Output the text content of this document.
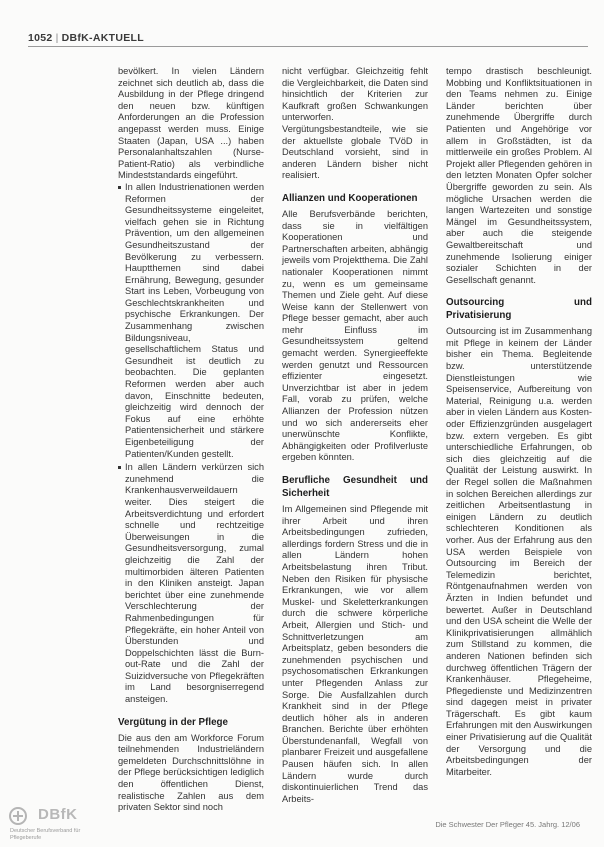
1052 | DBfK-AKTUELL

bevölkert. In vielen Ländern zeichnet sich deutlich ab, dass die Ausbildung in der Pflege dringend den neuen bzw. künftigen Anforderungen an die Profession angepasst werden muss. Einige Staaten (Japan, USA ...) haben Personalanhaltszahlen (Nurse-Patient-Ratio) als verbindliche Mindeststandards eingeführt.

In allen Industrienationen werden Reformen der Gesundheitssysteme eingeleitet, vielfach gehen sie in Richtung Prävention, um den allgemeinen Gesundheitszustand der Bevölkerung zu verbessern. Hauptthemen sind dabei Ernährung, Bewegung, gesunder Start ins Leben, Vorbeugung von Geschlechtskrankheiten und psychische Erkrankungen. Der Zusammenhang zwischen Bildungsniveau, gesellschaftlichem Status und Gesundheit ist deutlich zu beobachten. Die geplanten Reformen werden aber auch davon, Einschnitte bedeuten, gleichzeitig wird dennoch der Fokus auf eine erhöhte Patientensicherheit und stärkere Eigenbeteiligung der Patienten/Kunden gestellt.
In allen Ländern verkürzen sich zunehmend die Krankenhausverweildauern weiter. Dies steigert die Arbeitsverdichtung und erfordert schnelle und rechtzeitige Überweisungen in die Gesundheitsversorgung, zumal gleichzeitig die Zahl der multimorbiden älteren Patienten in den Kliniken ansteigt. Japan berichtet über eine zunehmende Verschlechterung der Rahmenbedingungen für Pflegekräfte, ein hoher Anteil von Überstunden und Doppelschichten lässt die Burn-out-Rate und die Zahl der Suizidversuche von Pflegekräften im Land besorgniserregend ansteigen.
Vergütung in der Pflege

Die aus den am Workforce Forum teilnehmenden Industrieländern gemeldeten Durchschnittslöhne in der Pflege berücksichtigen lediglich den öffentlichen Dienst, realistische Zahlen aus dem privaten Sektor sind noch

nicht verfügbar. Gleichzeitig fehlt die Vergleichbarkeit, die Daten sind hinsichtlich der Kriterien zur Kaufkraft großen Schwankungen unterworfen. Vergütungsbestandteile, wie sie der aktuellste globale TVöD in Deutschland vorsieht, sind in anderen Ländern bisher nicht realisiert.

Allianzen und Kooperationen

Alle Berufsverbände berichten, dass sie in vielfältigen Kooperationen und Partnerschaften arbeiten, abhängig jeweils vom Projektthema. Die Zahl nationaler Kooperationen nimmt zu, wenn es um gemeinsame Themen und Ziele geht. Auf diese Weise kann der Stellenwert von Pflege besser gemacht, aber auch mehr Einfluss im Gesundheitssystem geltend gemacht werden. Synergieeffekte werden genutzt und Ressourcen effizienter eingesetzt. Unverzichtbar ist aber in jedem Fall, vorab zu prüfen, welche Allianzen der Profession nützen und wo sich andererseits eher unerwünschte Konflikte, Abhängigkeiten oder Profilverluste ergeben könnten.

Berufliche Gesundheit und Sicherheit

Im Allgemeinen sind Pflegende mit ihrer Arbeit und ihren Arbeitsbedingungen zufrieden, allerdings fordern Stress und die in allen Ländern hohen Arbeitsbelastung ihren Tribut. Neben den Risiken für physische Erkrankungen, wie vor allem Muskel- und Skeletterkrankungen durch die schwere körperliche Arbeit, Allergien und Stich- und Schnittverletzungen am Arbeitsplatz, geben besonders die zunehmenden psychischen und psychosomatischen Erkrankungen unter Pflegenden Anlass zur Sorge. Die Ausfallzahlen durch Krankheit sind in der Pflege deutlich höher als in anderen Branchen. Berichte über erhöhten Überstundenanfall, Wegfall von planbarer Freizeit und ausgefallene Pausen häufen sich. In allen Ländern wurde durch diskontinuierlichen Trend das Arbeits-

tempo drastisch beschleunigt. Mobbing und Konfliktsituationen in den Teams nehmen zu. Einige Länder berichten über zunehmende Übergriffe durch Patienten und Angehörige vor allem in Großstädten, ist da mittlerweile ein großes Problem. Al Projekt aller Pflegenden gehören in den letzten Monaten Opfer solcher Übergriffe geworden zu sein. Als mögliche Ursachen werden die langen Wartezeiten und sonstige Mängel im Gesundheitssystem, aber auch die steigende Gewaltbereitschaft und zunehmende Isolierung einiger sozialer Schichten in der Gesellschaft genannt.

Outsourcing und Privatisierung

Outsourcing ist im Zusammenhang mit Pflege in keinem der Länder bisher ein Thema. Begleitende bzw. unterstützende Dienstleistungen wie Speisenservice, Aufbereitung von Material, Reinigung u.a. werden aber in vielen Ländern aus Kosten- oder Effizienzgründen ausgelagert bzw. extern vergeben. Es gibt unterschiedliche Erfahrungen, ob sich dies gleichzeitig auf die Qualität der Leistung auswirkt. In der Regel sollen die Maßnahmen in solchen Bereichen allerdings zur zeitlichen Arbeitsentlastung in einigen Ländern zu deutlich schlechteren Konditionen als vorher. Aus der Erfahrung aus den USA werden Beispiele von Outsourcing im Bereich der Telemedizin berichtet, Röntgenaufnahmen werden von Ärzten in Indien befundet und bewertet. Außer in Deutschland und den USA scheint die Welle der Klinikprivatisierungen allmählich zum Stillstand zu kommen, die anderen Nationen befinden sich durchweg öffentlichen Trägern der Krankenhäuser. Pflegeheime, Pflegedienste und Medizinzentren sind dagegen meist in privater Trägerschaft. Es gibt kaum Erfahrungen mit den Auswirkungen einer Privatisierung auf die Qualität der Versorgung und die Arbeitsbedingungen der Mitarbeiter.

DBfK
Deutscher Berufsverband für Pflegeberufe
Die Schwester Der Pfleger 45. Jahrg. 12/06
